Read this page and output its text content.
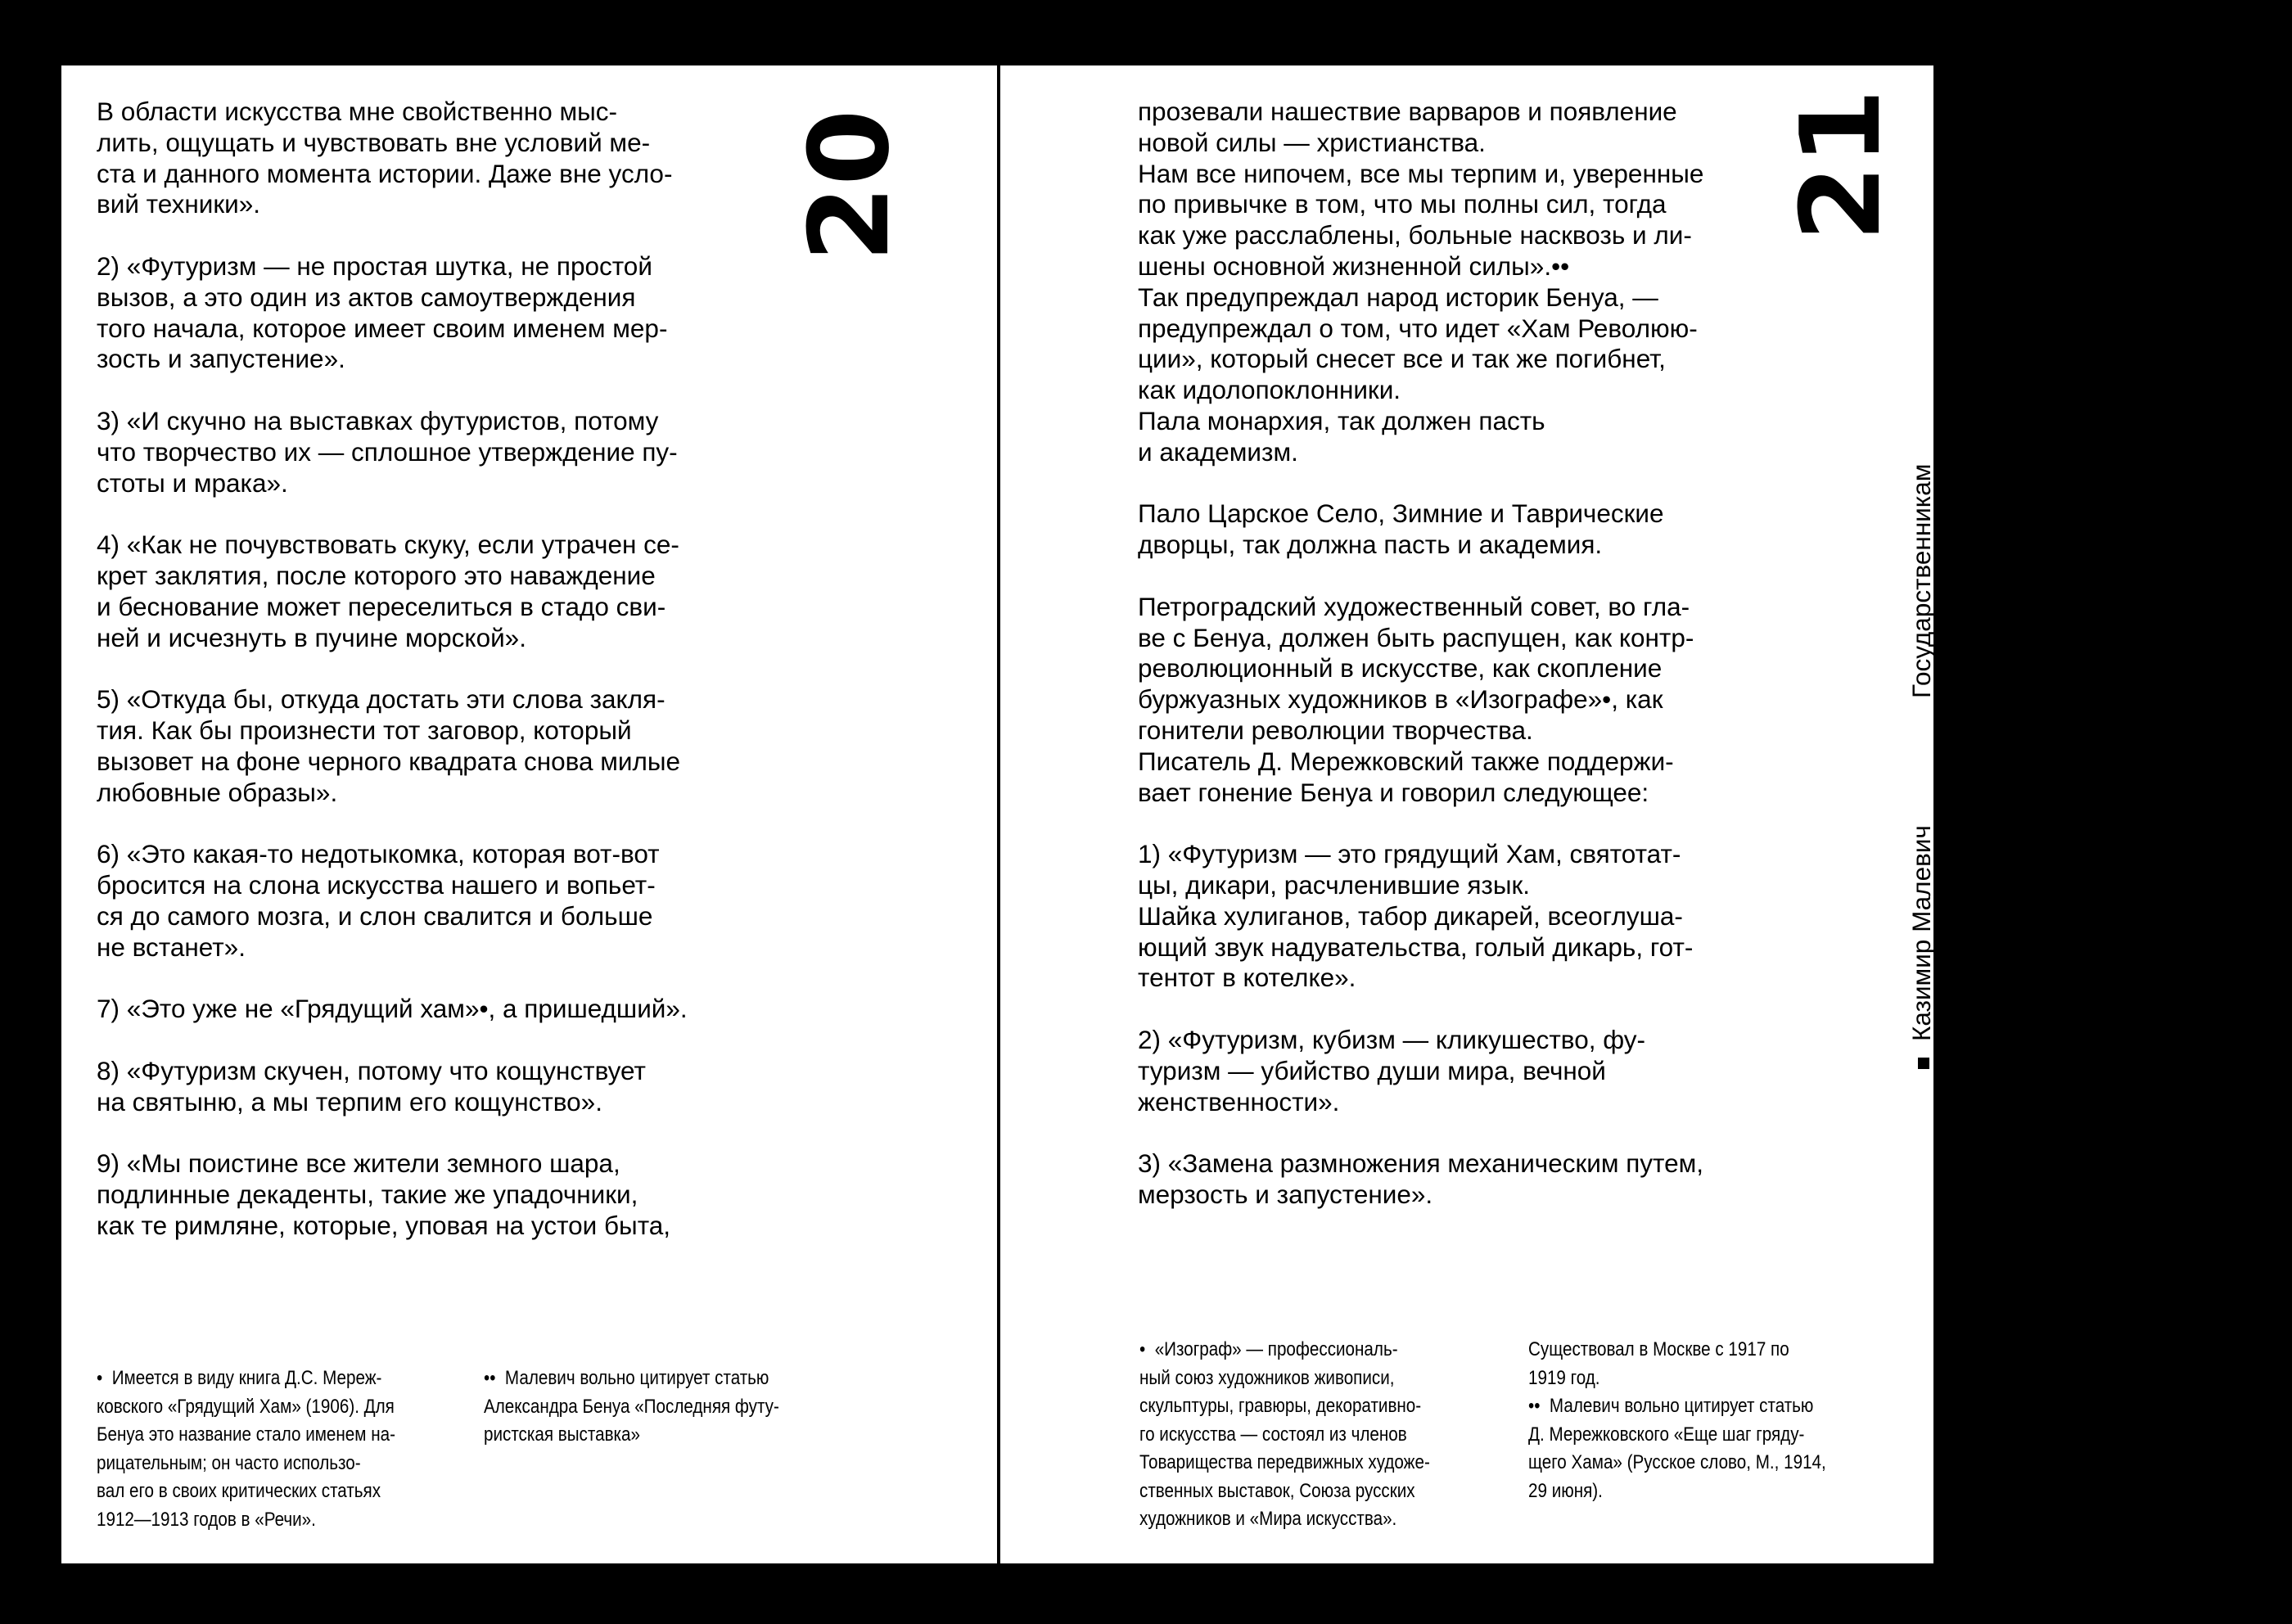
В области искусства мне свойственно мыс-
лить, ощущать и чувствовать вне условий ме-
ста и данного момента истории. Даже вне усло-
вий техники».

2) «Футуризм — не простая шутка, не простой
вызов, а это один из актов самоутверждения
того начала, которое имеет своим именем мер-
зость и запустение».

3) «И скучно на выставках футуристов, потому
что творчество их — сплошное утверждение пу-
стоты и мрака».

4) «Как не почувствовать скуку, если утрачен се-
крет заклятия, после которого это наваждение
и беснование может переселиться в стадо сви-
ней и исчезнуть в пучине морской».

5) «Откуда бы, откуда достать эти слова закля-
тия. Как бы произнести тот заговор, который
вызовет на фоне черного квадрата снова милые
любовные образы».

6) «Это какая-то недотыкомка, которая вот-вот
бросится на слона искусства нашего и вопьет-
ся до самого мозга, и слон свалится и больше
не встанет».

7) «Это уже не «Грядущий хам»•, а пришедший».

8) «Футуризм скучен, потому что кощунствует
на святыню, а мы терпим его кощунство».

9) «Мы поистине все жители земного шара,
подлинные декаденты, такие же упадочники,
как те римляне, которые, уповая на устои быта,
20
•  Имеется в виду книга Д.С. Мереж-
ковского «Грядущий Хам» (1906). Для
Бенуа это название стало именем на-
рицательным; он часто использо-
вал его в своих критических статьях
1912—1913 годов в «Речи».
••  Малевич вольно цитирует статью
Александра Бенуа «Последняя футу-
ристская выставка»
прозевали нашествие варваров и появление
новой силы — христианства.
Нам все нипочем, все мы терпим и, уверенные
по привычке в том, что мы полны сил, тогда
как уже расслаблены, больные насквозь и ли-
шены основной жизненной силы».••
Так предупреждал народ историк Бенуа, —
предупреждал о том, что идет «Хам Революю-
ции», который снесет все и так же погибнет,
как идолопоклонники.
Пала монархия, так должен пасть
и академизм.

Пало Царское Село, Зимние и Таврические
дворцы, так должна пасть и академия.

Петроградский художественный совет, во гла-
ве с Бенуа, должен быть распущен, как контр-
революционный в искусстве, как скопление
буржуазных художников в «Изографе»•, как
гонители революции творчества.
Писатель Д. Мережковский также поддержи-
вает гонение Бенуа и говорил следующее:

1) «Футуризм — это грядущий Хам, святотат-
цы, дикари, расчленившие язык.
Шайка хулиганов, табор дикарей, всеоглуша-
ющий звук надувательства, голый дикарь, гот-
тентот в котелке».

2) «Футуризм, кубизм — кликушество, фу-
туризм — убийство души мира, вечной
женственности».

3) «Замена размножения механическим путем,
мерзость и запустение».
21

Казимир Малевич

Государственникам

от искусства

•  «Изограф» — профессиональ-
ный союз художников живописи,
скульптуры, гравюры, декоративно-
го искусства — состоял из членов
Товарищества передвижных художе-
ственных выставок, Союза русских
художников и «Мира искусства».
Существовал в Москве с 1917 по
1919 год.
••  Малевич вольно цитирует статью
Д. Мережковского «Еще шаг гряду-
щего Хама» (Русское слово, М., 1914,
29 июня).
